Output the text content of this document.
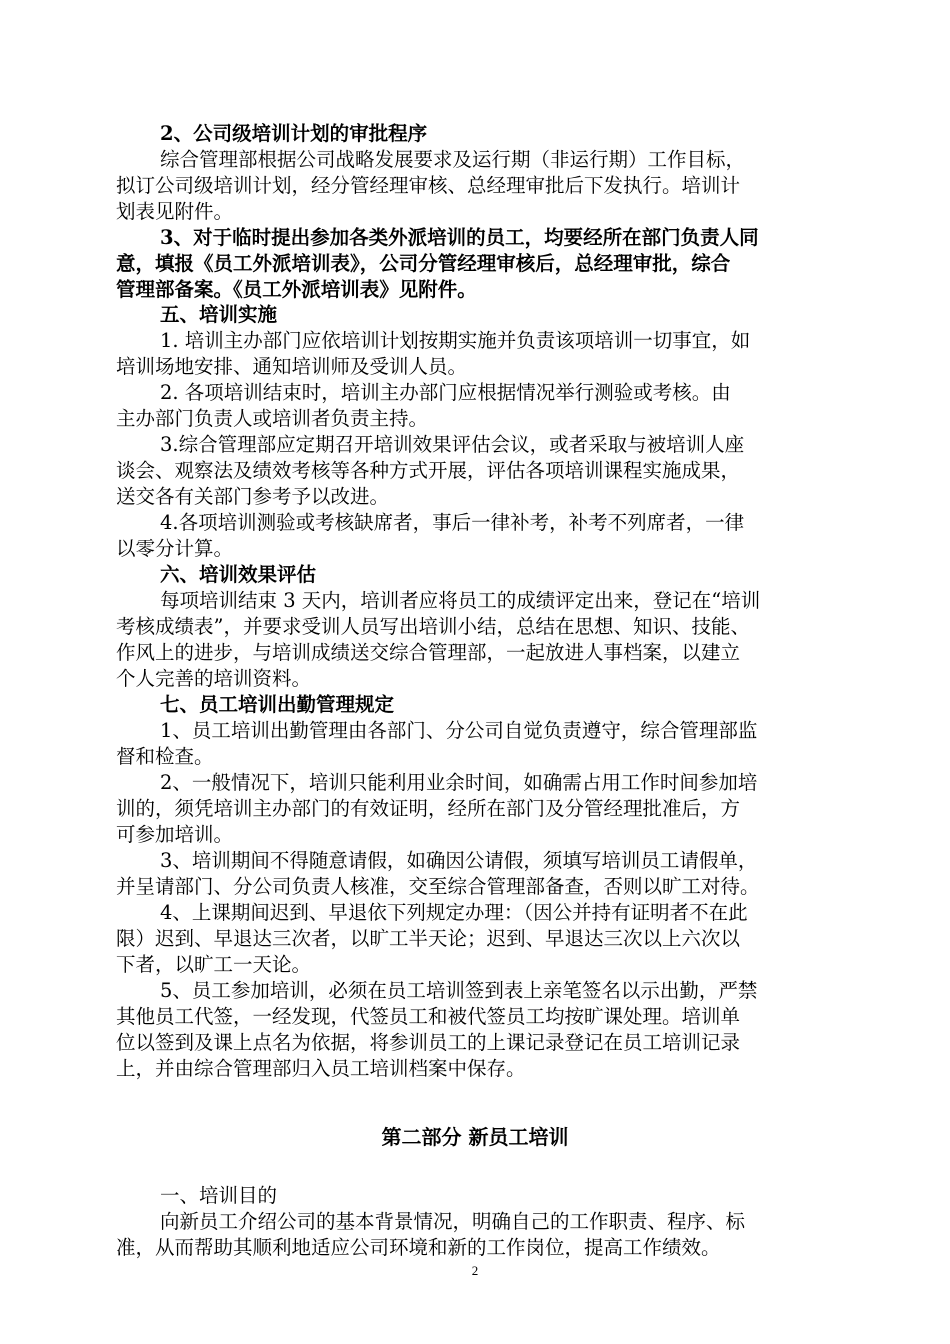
2、公司级培训计划的审批程序
综合管理部根据公司战略发展要求及运行期（非运行期）工作目标，
拟订公司级培训计划，经分管经理审核、总经理审批后下发执行。培训计
划表见附件。
3、对于临时提出参加各类外派培训的员工，均要经所在部门负责人同
意，填报《员工外派培训表》，公司分管经理审核后，总经理审批，综合
管理部备案。《员工外派培训表》见附件。
五、培训实施
1. 培训主办部门应依培训计划按期实施并负责该项培训一切事宜，如
培训场地安排、通知培训师及受训人员。
2. 各项培训结束时，培训主办部门应根据情况举行测验或考核。由
主办部门负责人或培训者负责主持。
3.综合管理部应定期召开培训效果评估会议，或者采取与被培训人座
谈会、观察法及绩效考核等各种方式开展，评估各项培训课程实施成果，
送交各有关部门参考予以改进。
4.各项培训测验或考核缺席者，事后一律补考，补考不列席者，一律
以零分计算。
六、培训效果评估
每项培训结束 3 天内，培训者应将员工的成绩评定出来，登记在“培训
考核成绩表”，并要求受训人员写出培训小结，总结在思想、知识、技能、
作风上的进步，与培训成绩送交综合管理部，一起放进人事档案，以建立
个人完善的培训资料。
七、员工培训出勤管理规定
1、员工培训出勤管理由各部门、分公司自觉负责遵守，综合管理部监
督和检查。
2、一般情况下，培训只能利用业余时间，如确需占用工作时间参加培
训的，须凭培训主办部门的有效证明，经所在部门及分管经理批准后，方
可参加培训。
3、培训期间不得随意请假，如确因公请假，须填写培训员工请假单，
并呈请部门、分公司负责人核准，交至综合管理部备查，否则以旷工对待。
4、上课期间迟到、早退依下列规定办理：（因公并持有证明者不在此
限）迟到、早退达三次者，以旷工半天论；迟到、早退达三次以上六次以
下者，以旷工一天论。
5、员工参加培训，必须在员工培训签到表上亲笔签名以示出勤，严禁
其他员工代签，一经发现，代签员工和被代签员工均按旷课处理。培训单
位以签到及课上点名为依据，将参训员工的上课记录登记在员工培训记录
上，并由综合管理部归入员工培训档案中保存。
第二部分 新员工培训
一、培训目的
向新员工介绍公司的基本背景情况，明确自己的工作职责、程序、标
准，从而帮助其顺利地适应公司环境和新的工作岗位，提高工作绩效。
2
